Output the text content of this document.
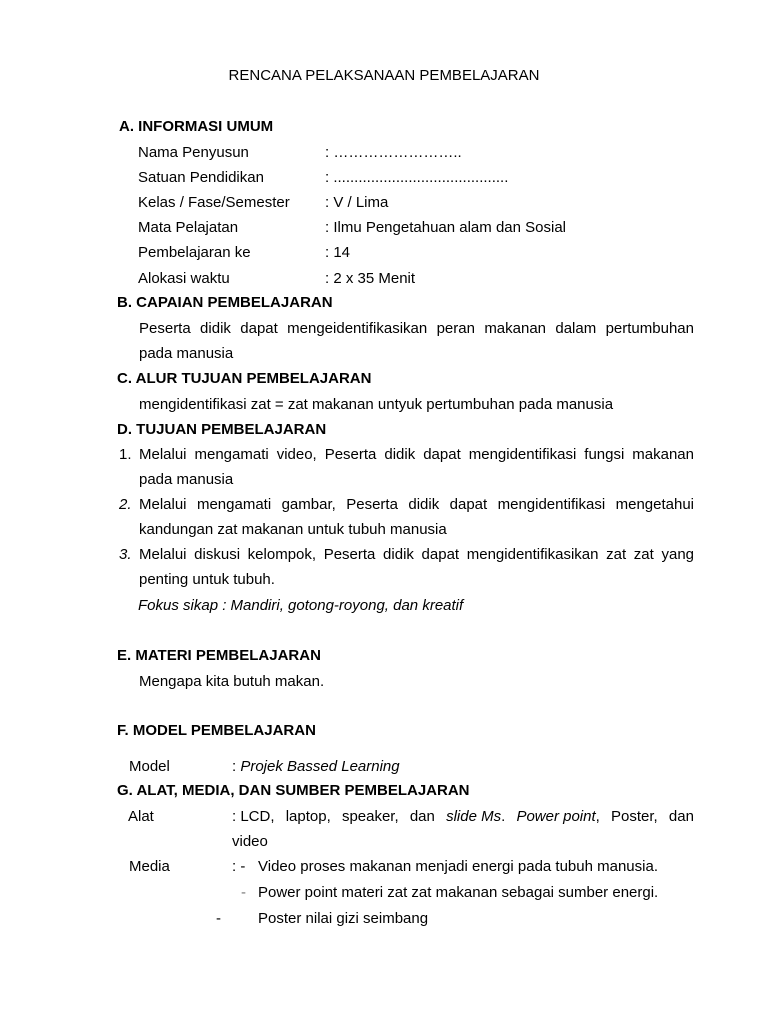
RENCANA PELAKSANAAN PEMBELAJARAN
A. INFORMASI UMUM
Nama Penyusun	: ……………………..
Satuan Pendidikan	: ..........................................
Kelas / Fase/Semester : V / Lima
Mata Pelajatan	: Ilmu Pengetahuan alam dan Sosial
Pembelajaran ke	: 14
Alokasi waktu	: 2 x 35 Menit
B. CAPAIAN PEMBELAJARAN
Peserta didik dapat mengeidentifikasikan peran makanan dalam pertumbuhan
pada manusia
C. ALUR TUJUAN PEMBELAJARAN
mengidentifikasi zat = zat makanan untyuk pertumbuhan pada manusia
D. TUJUAN PEMBELAJARAN
1. Melalui mengamati video, Peserta didik dapat mengidentifikasi fungsi makanan
pada manusia
2. Melalui mengamati gambar, Peserta didik dapat mengidentifikasi mengetahui
kandungan zat makanan untuk tubuh manusia
3. Melalui diskusi kelompok, Peserta didik dapat mengidentifikasikan zat zat yang
penting untuk tubuh.
Fokus sikap : Mandiri, gotong-royong, dan kreatif
E. MATERI PEMBELAJARAN
Mengapa kita butuh makan.
F. MODEL PEMBELAJARAN
Model	: Projek Bassed Learning
G. ALAT, MEDIA, DAN SUMBER PEMBELAJARAN
Alat	: LCD, laptop, speaker, dan slide Ms. Power point, Poster, dan
video
Media	: - Video proses makanan menjadi energi pada tubuh manusia.
- Power point materi zat zat makanan sebagai sumber energi.
- Poster nilai gizi seimbang
